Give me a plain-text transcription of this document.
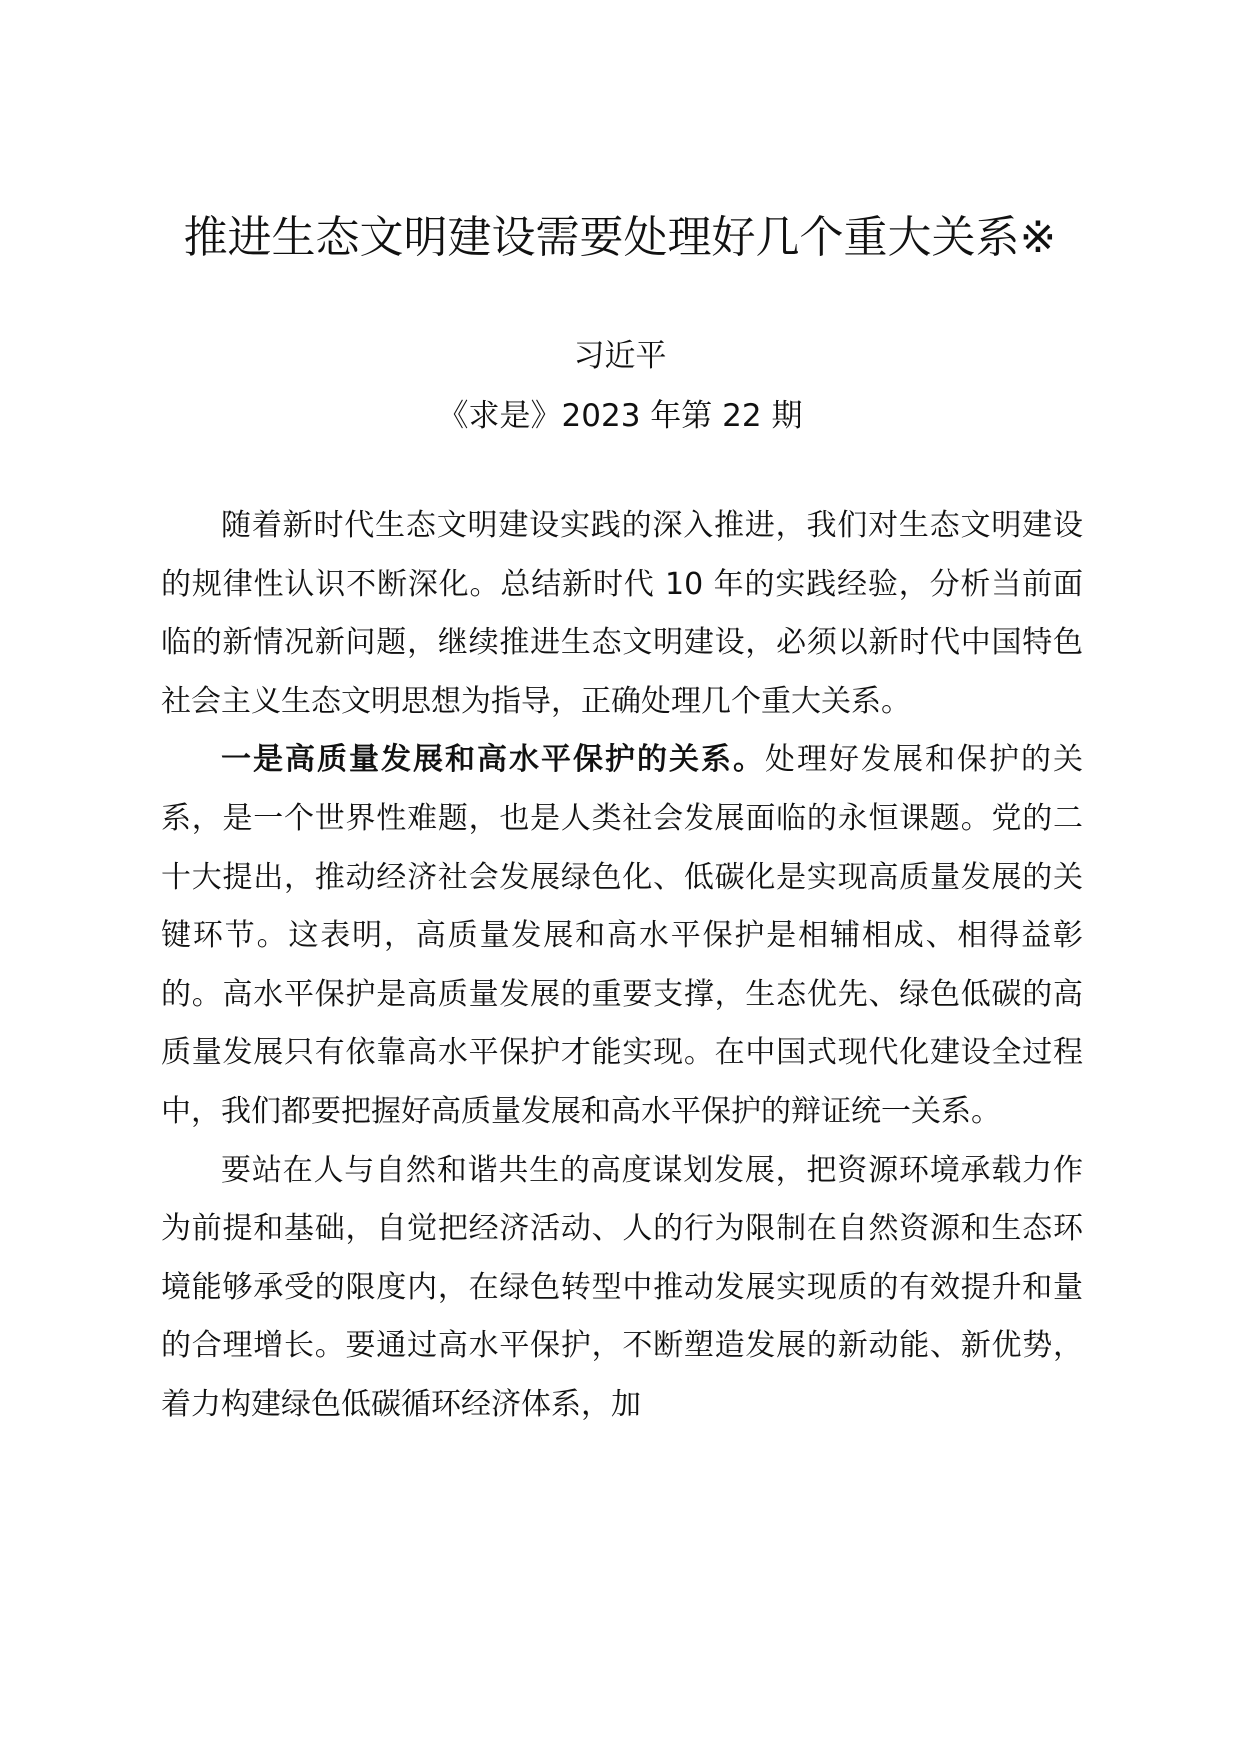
推进生态文明建设需要处理好几个重大关系※

习近平

《求是》2023 年第 22 期

随着新时代生态文明建设实践的深入推进，我们对生态文明建设的规律性认识不断深化。总结新时代 10 年的实践经验，分析当前面临的新情况新问题，继续推进生态文明建设，必须以新时代中国特色社会主义生态文明思想为指导，正确处理几个重大关系。

一是高质量发展和高水平保护的关系。处理好发展和保护的关系，是一个世界性难题，也是人类社会发展面临的永恒课题。党的二十大提出，推动经济社会发展绿色化、低碳化是实现高质量发展的关键环节。这表明，高质量发展和高水平保护是相辅相成、相得益彰的。高水平保护是高质量发展的重要支撑，生态优先、绿色低碳的高质量发展只有依靠高水平保护才能实现。在中国式现代化建设全过程中，我们都要把握好高质量发展和高水平保护的辩证统一关系。

要站在人与自然和谐共生的高度谋划发展，把资源环境承载力作为前提和基础，自觉把经济活动、人的行为限制在自然资源和生态环境能够承受的限度内，在绿色转型中推动发展实现质的有效提升和量的合理增长。要通过高水平保护，不断塑造发展的新动能、新优势，着力构建绿色低碳循环经济体系，加
